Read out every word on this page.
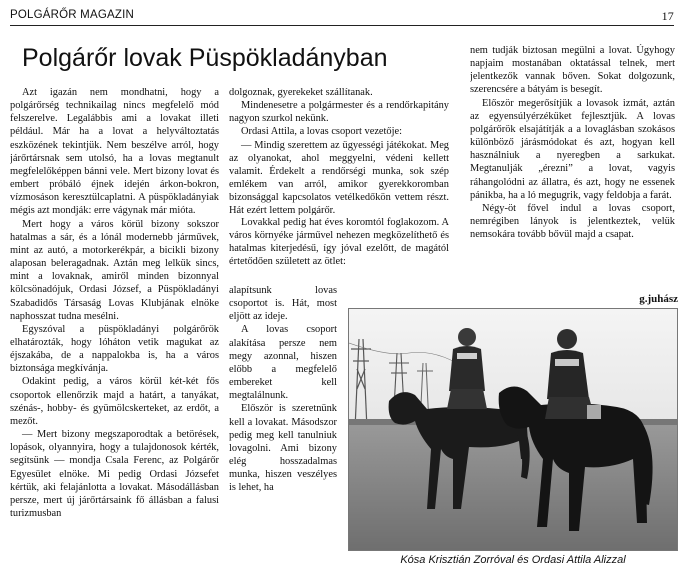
POLGÁRŐR MAGAZIN	17
Polgárőr lovak Püspökladányban

Azt igazán nem mondhatni, hogy a polgárőrség technikailag nincs megfelelő mód felszerelve. Legalábbis ami a lovakat illeti például. Már ha a lovat a helyváltoztatás eszközének tekintjük. Nem beszélve arról, hogy járőrtársnak sem utolsó, ha a lovas megtanult megfelelőképpen bánni vele. Mert bizony lovat és embert próbáló éjnek idején árkon-bokron, vízmosáson keresztülcaplatni. A püspökladányiak mégis azt mondják: erre vágynak már mióta.

Mert hogy a város körül bizony sokszor hatalmas a sár, és a lónál modernebb járművek, mint az autó, a motorkerékpár, a bicikli bizony alaposan beleragadnak. Aztán meg lelkük sincs, mint a lovaknak, amiről minden bizonnyal kölcsönadójuk, Ordasi József, a Püspökladányi Szabadidős Társaság Lovas Klubjának elnöke naphosszat tudna mesélni.

Egyszóval a püspökladányi polgárőrök elhatározták, hogy lóháton vetik magukat az éjszakába, de a nappalokba is, ha a város biztonsága megkívánja.

Odakint pedig, a város körül két-két fős csoportok ellenőrzik majd a határt, a tanyákat, szénás-, hobby- és gyümölcskerteket, az erdőt, a mezőt.

— Mert bizony megszaporodtak a betörések, lopások, olyannyira, hogy a tulajdonosok kérték, segítsünk — mondja Csala Ferenc, az Polgárőr Egyesület elnöke. Mi pedig Ordasi Józsefet kértük, aki felajánlotta a lovakat. Másodállásban persze, mert új járőrtársaink fő állásban a falusi turizmusban

dolgoznak, gyerekeket szállítanak.

Mindenesetre a polgármester és a rendőrkapitány nagyon szurkol nekünk.

Ordasi Attila, a lovas csoport vezetője:

— Mindig szerettem az ügyességi játékokat. Meg az olyanokat, ahol meggyelni, védeni kellett valamit. Érdekelt a rendőrségi munka, sok szép emlékem van arról, amikor gyerekkoromban bizonsággal kapcsolatos vetélkedőkön vettem részt. Hát ezért lettem polgárőr.

Lovakkal pedig hat éves koromtól foglakozom. A város környéke járművel nehezen megközelíthető és hatalmas kiterjedésű, így jóval ezelőtt, de magától értetődően született az ötlet:

alapítsunk lovas csoportot is. Hát, most eljött az ideje.

A lovas csoport alakítása persze nem megy azonnal, hiszen előbb a megfelelő embereket kell megtalálnunk.

Először is szeretnünk kell a lovakat. Másodszor pedig meg kell tanulniuk lovagolni. Ami bizony elég hosszadalmas munka, hiszen veszélyes is lehet, ha

nem tudják biztosan megülni a lovat. Úgyhogy napjaim mostanában oktatással telnek, mert jelentkezők vannak bőven. Sokat dolgozunk, szerencsére a bátyám is besegít.

Először megerősítjük a lovasok izmát, aztán az egyensúlyérzéküket fejlesztjük. A lovas polgárőrök elsajátítják a a lovaglásban szokásos különböző járásmódokat és azt, hogyan kell használniuk a nyeregben a sarkukat. Megtanulják „érezni” a lovat, vagyis ráhangolódni az állatra, és azt, hogy ne essenek pánikba, ha a ló megugrik, vagy feldobja a farát.

Négy-öt fővel indul a lovas csoport, nemrégiben lányok is jelentkeztek, velük nemsokára tovább bővül majd a csapat.

g.juhász
Kósa Krisztián Zorróval és Ordasi Attila Alizzal
